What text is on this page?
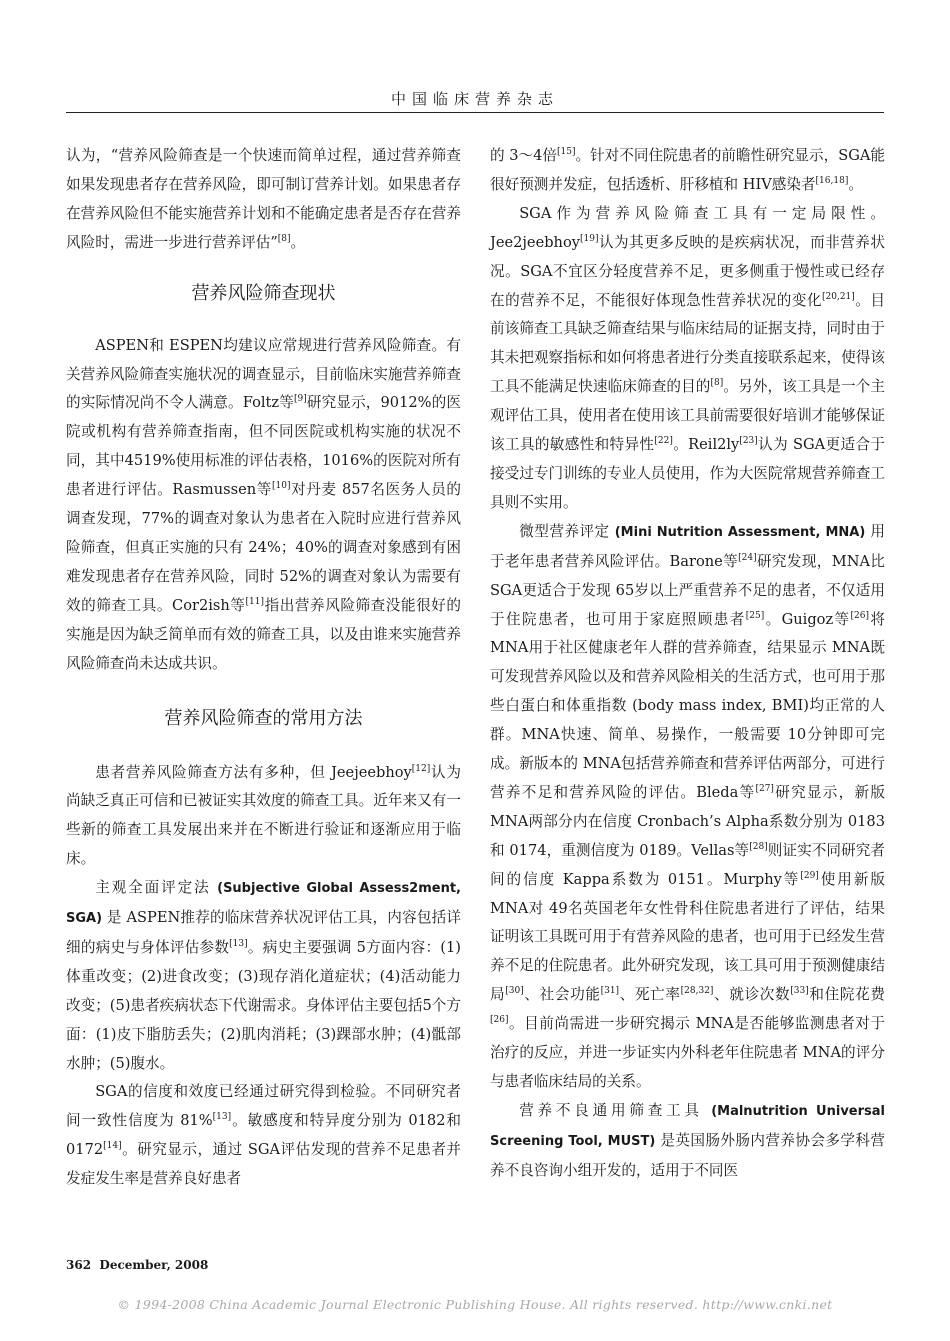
中国临床营养杂志

认为，“营养风险筛查是一个快速而简单过程，通过营养筛查如果发现患者存在营养风险，即可制订营养计划。如果患者存在营养风险但不能实施营养计划和不能确定患者是否存在营养风险时，需进一步进行营养评估”[8]。

营养风险筛查现状

ASPEN和 ESPEN均建议应常规进行营养风险筛查。有关营养风险筛查实施状况的调查显示，目前临床实施营养筛查的实际情况尚不令人满意。Foltz等[9]研究显示，9012%的医院或机构有营养筛查指南，但不同医院或机构实施的状况不同，其中4519%使用标准的评估表格，1016%的医院对所有患者进行评估。Rasmussen等[10]对丹麦 857名医务人员的调查发现，77%的调查对象认为患者在入院时应进行营养风险筛查，但真正实施的只有 24%；40%的调查对象感到有困难发现患者存在营养风险，同时 52%的调查对象认为需要有效的筛查工具。Cor2ish等[11]指出营养风险筛查没能很好的实施是因为缺乏简单而有效的筛查工具，以及由谁来实施营养风险筛查尚未达成共识。

营养风险筛查的常用方法

患者营养风险筛查方法有多种，但 Jeejeebhoy[12]认为尚缺乏真正可信和已被证实其效度的筛查工具。近年来又有一些新的筛查工具发展出来并在不断进行验证和逐渐应用于临床。

主观全面评定法 (Subjective Global Assess2ment, SGA) 是 ASPEN推荐的临床营养状况评估工具，内容包括详细的病史与身体评估参数[13]。病史主要强调 5方面内容：(1)体重改变；(2)进食改变；(3)现存消化道症状；(4)活动能力改变；(5)患者疾病状态下代谢需求。身体评估主要包括5个方面：(1)皮下脂肪丢失；(2)肌肉消耗；(3)踝部水肿；(4)骶部水肿；(5)腹水。

SGA的信度和效度已经通过研究得到检验。不同研究者间一致性信度为 81%[13]。敏感度和特异度分别为 0182和 0172[14]。研究显示，通过 SGA评估发现的营养不足患者并发症发生率是营养良好患者

的 3～4倍[15]。针对不同住院患者的前瞻性研究显示，SGA能很好预测并发症，包括透析、肝移植和 HIV感染者[16,18]。

SGA作为营养风险筛查工具有一定局限性。Jee2jeebhoy[19]认为其更多反映的是疾病状况，而非营养状况。SGA不宜区分轻度营养不足，更多侧重于慢性或已经存在的营养不足，不能很好体现急性营养状况的变化[20,21]。目前该筛查工具缺乏筛查结果与临床结局的证据支持，同时由于其未把观察指标和如何将患者进行分类直接联系起来，使得该工具不能满足快速临床筛查的目的[8]。另外，该工具是一个主观评估工具，使用者在使用该工具前需要很好培训才能够保证该工具的敏感性和特异性[22]。Reil2ly[23]认为 SGA更适合于接受过专门训练的专业人员使用，作为大医院常规营养筛查工具则不实用。

微型营养评定 (Mini Nutrition Assessment, MNA) 用于老年患者营养风险评估。Barone等[24]研究发现，MNA比 SGA更适合于发现 65岁以上严重营养不足的患者，不仅适用于住院患者，也可用于家庭照顾患者[25]。Guigoz等[26]将 MNA用于社区健康老年人群的营养筛查，结果显示 MNA既可发现营养风险以及和营养风险相关的生活方式，也可用于那些白蛋白和体重指数 (body mass index, BMI)均正常的人群。MNA快速、简单、易操作，一般需要 10分钟即可完成。新版本的 MNA包括营养筛查和营养评估两部分，可进行营养不足和营养风险的评估。Bleda等[27]研究显示，新版 MNA两部分内在信度 Cronbach’s Alpha系数分别为 0183和 0174，重测信度为 0189。Vellas等[28]则证实不同研究者间的信度 Kappa系数为 0151。Murphy等[29]使用新版 MNA对 49名英国老年女性骨科住院患者进行了评估，结果证明该工具既可用于有营养风险的患者，也可用于已经发生营养不足的住院患者。此外研究发现，该工具可用于预测健康结局[30]、社会功能[31]、死亡率[28,32]、就诊次数[33]和住院花费[26]。目前尚需进一步研究揭示 MNA是否能够监测患者对于治疗的反应，并进一步证实内外科老年住院患者 MNA的评分与患者临床结局的关系。

营养不良通用筛查工具 (Malnutrition Universal Screening Tool, MUST) 是英国肠外肠内营养协会多学科营养不良咨询小组开发的，适用于不同医

362 December, 2008
© 1994-2008 China Academic Journal Electronic Publishing House. All rights reserved. http://www.cnki.net
